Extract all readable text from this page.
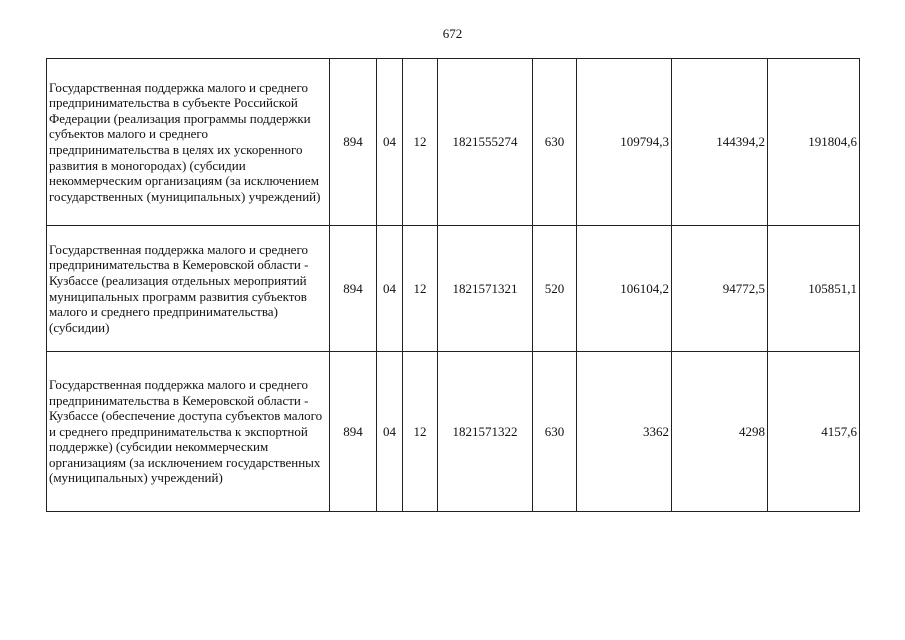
672
Государственная поддержка малого и среднего предпринимательства в субъекте Российской Федерации (реализация программы поддержки субъектов малого и среднего предпринимательства в целях их ускоренного развития в моногородах) (субсидии некоммерческим организациям (за исключением государственных (муниципальных) учреждений)	894	04	12	1821555274	630	109794,3	144394,2	191804,6
Государственная поддержка малого и среднего предпринимательства в Кемеровской области - Кузбассе (реализация отдельных мероприятий муниципальных программ развития субъектов малого и среднего предпринимательства) (субсидии)	894	04	12	1821571321	520	106104,2	94772,5	105851,1
Государственная поддержка малого и среднего предпринимательства в Кемеровской области - Кузбассе (обеспечение доступа субъектов малого и среднего предпринимательства к экспортной поддержке) (субсидии некоммерческим организациям (за исключением государственных (муниципальных) учреждений)	894	04	12	1821571322	630	3362	4298	4157,6
